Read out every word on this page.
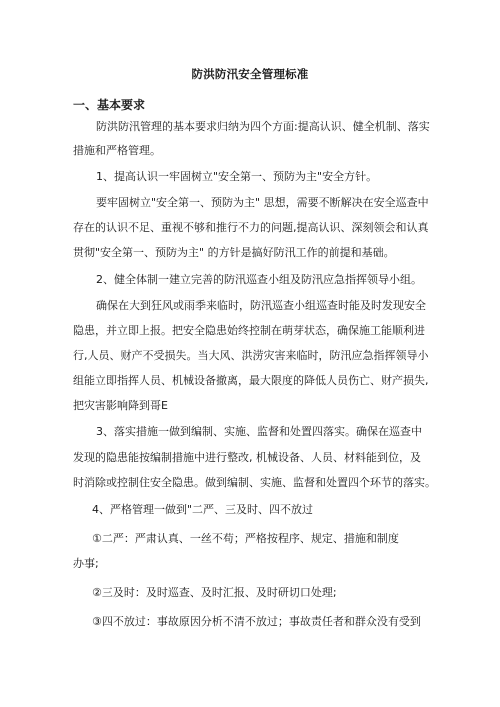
防洪防汛安全管理标准
一、基本要求
防洪防汛管理的基本要求归纳为四个方面:提高认识、健全机制、落实
措施和严格管理。
1、提高认识一牢固树立"安全第一、预防为主"安全方针。
要牢固树立"安全第一、预防为主" 思想，需要不断解决在安全巡查中
存在的认识不足、重视不够和推行不力的问题,提高认识、深刻领会和认真
贯彻"安全第一、预防为主" 的方针是搞好防汛工作的前提和基础。
2、健全体制一建立完善的防汛巡查小组及防汛应急指挥领导小组。
确保在大到狂风或雨季来临时，防汛巡查小组巡查时能及时发现安全
隐患，并立即上报。把安全隐患始终控制在萌芽状态，确保施工能顺利进
行,人员、财产不受损失。当大风、洪涝灾害来临时，防汛应急指挥领导小
组能立即指挥人员、机械设备撤离，最大限度的降低人员伤亡、财产损失,
把灾害影响降到哥E
3、落实措施一做到编制、实施、监督和处置四落实。确保在巡查中
发现的隐患能按编制措施中进行整改, 机械设备、人员、材料能到位，及
时消除或控制住安全隐患。做到编制、实施、监督和处置四个环节的落实。
4、严格管理一做到"二严、三及时、四不放过
①二严：严肃认真、一丝不苟；严格按程序、规定、措施和制度
办事;
②三及时：及时巡查、及时汇报、及时研切口处理;
③四不放过：事故原因分析不清不放过；事故责任者和群众没有受到
